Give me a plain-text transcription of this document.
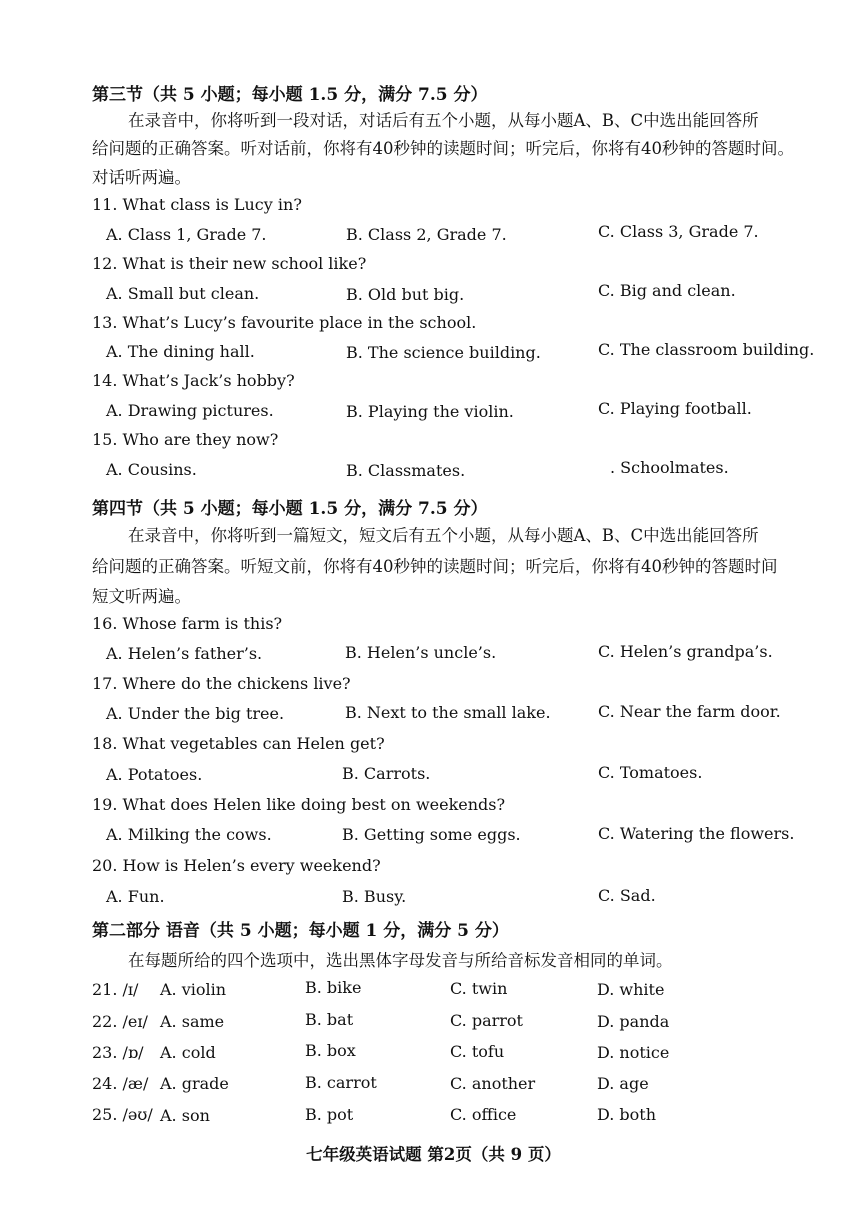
第三节（共 5 小题；每小题 1.5 分，满分 7.5 分）
在录音中，你将听到一段对话，对话后有五个小题，从每小题A、B、C中选出能回答所
给问题的正确答案。听对话前，你将有40秒钟的读题时间；听完后，你将有40秒钟的答题时间。
对话听两遍。
11. What class is Lucy in?
A. Class 1, Grade 7.	B. Class 2, Grade 7.	C. Class 3, Grade 7.
12. What is their new school like?
A. Small but clean.	B. Old but big.	C. Big and clean.
13. What’s Lucy’s favourite place in the school.
A. The dining hall.	B. The science building.	C. The classroom building.
14. What’s Jack’s hobby?
A. Drawing pictures.	B. Playing the violin.	C. Playing football.
15. Who are they now?
A. Cousins.	B. Classmates.	. Schoolmates.
第四节（共 5 小题；每小题 1.5 分，满分 7.5 分）
在录音中，你将听到一篇短文，短文后有五个小题，从每小题A、B、C中选出能回答所
给问题的正确答案。听短文前，你将有40秒钟的读题时间；听完后，你将有40秒钟的答题时间
短文听两遍。
16. Whose farm is this?
A. Helen’s father’s.	B. Helen’s uncle’s.	C. Helen’s grandpa’s.
17. Where do the chickens live?
A. Under the big tree.	B. Next to the small lake.	C. Near the farm door.
18. What vegetables can Helen get?
A. Potatoes.	B. Carrots.	C. Tomatoes.
19. What does Helen like doing best on weekends?
A. Milking the cows.	B. Getting some eggs.	C. Watering the flowers.
20. How is Helen’s every weekend?
A. Fun.	B. Busy.	C. Sad.
第二部分 语音（共 5 小题；每小题 1 分，满分 5 分）
在每题所给的四个选项中，选出黑体字母发音与所给音标发音相同的单词。
21. /ɪ/ A. violin	B. bike	C. twin	D. white
22. /eɪ/ A. same	B. bat	C. parrot	D. panda
23. /ɒ/ A. cold	B. box	C. tofu	D. notice
24. /æ/ A. grade	B. carrot	C. another	D. age
25. /əʊ/ A. son	B. pot	C. office	D. both
七年级英语试题 第2页（共 9 页）
